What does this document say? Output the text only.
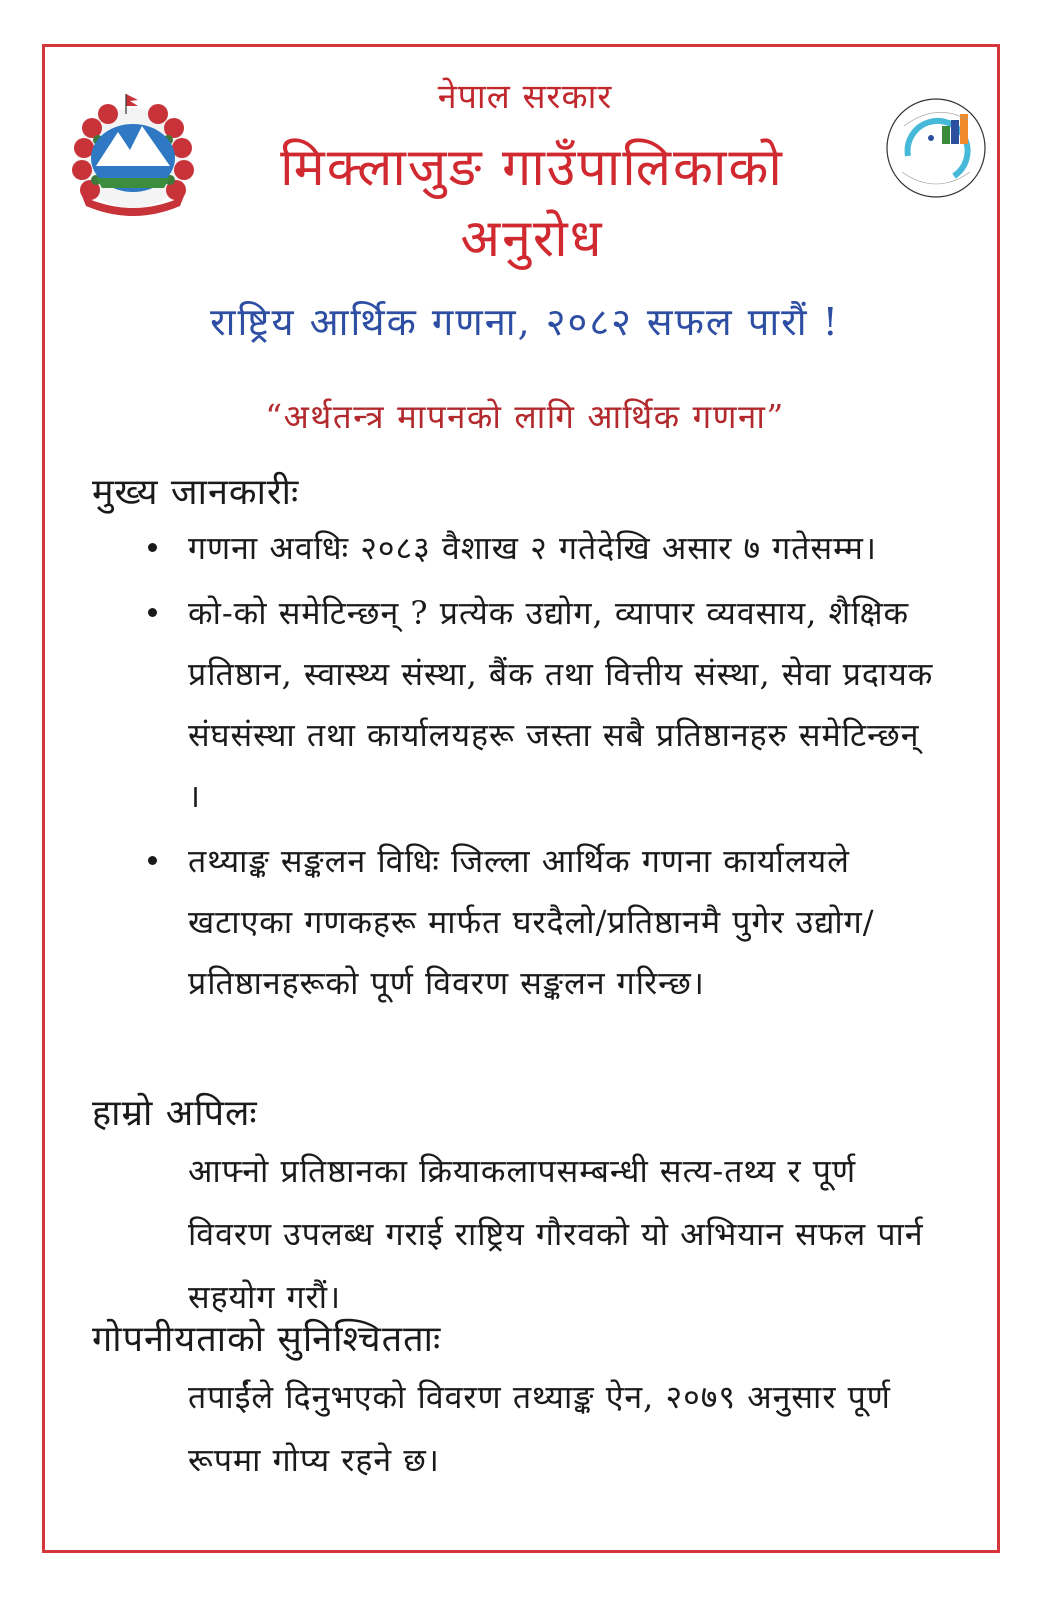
नेपाल सरकार
मिक्लाजुङ गाउँपालिकाको अनुरोध
राष्ट्रिय आर्थिक गणना, २०८२ सफल पारौं !
“अर्थतन्त्र मापनको लागि आर्थिक गणना”
मुख्य जानकारीः
गणना अवधिः २०८३ वैशाख २ गतेदेखि असार ७ गतेसम्म।
को-को समेटिन्छन् ? प्रत्येक उद्योग, व्यापार व्यवसाय, शैक्षिक प्रतिष्ठान, स्वास्थ्य संस्था, बैंक तथा वित्तीय संस्था, सेवा प्रदायक संघसंस्था तथा कार्यालयहरू जस्ता सबै प्रतिष्ठानहरु समेटिन्छन् ।
तथ्याङ्क सङ्कलन विधिः जिल्ला आर्थिक गणना कार्यालयले खटाएका गणकहरू मार्फत घरदैलो/प्रतिष्ठानमै पुगेर उद्योग/प्रतिष्ठानहरूको पूर्ण विवरण सङ्कलन गरिन्छ।
हाम्रो अपिलः

आफ्नो प्रतिष्ठानका क्रियाकलापसम्बन्धी सत्य-तथ्य र पूर्ण विवरण उपलब्ध गराई राष्ट्रिय गौरवको यो अभियान सफल पार्न सहयोग गरौं।

गोपनीयताको सुनिश्चितताः

तपाईंले दिनुभएको विवरण तथ्याङ्क ऐन, २०७९ अनुसार पूर्ण रूपमा गोप्य रहने छ।
